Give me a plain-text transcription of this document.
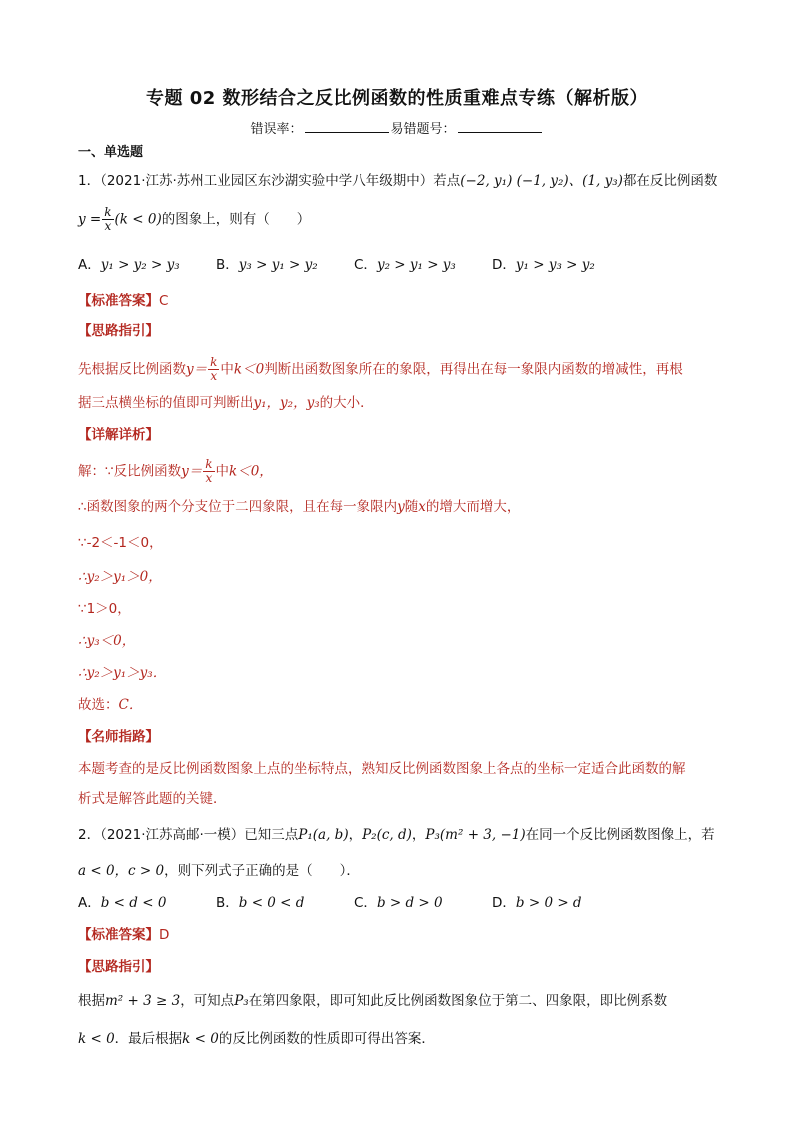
专题 02 数形结合之反比例函数的性质重难点专练（解析版）
错误率：	易错题号：
一、单选题
1．（2021·江苏·苏州工业园区东沙湖实验中学八年级期中）若点(−2, y₁) (−1, y₂)、(1, y₃)都在反比例函数
$y = \frac{k}{x} (k < 0)$的图象上，则有（　　）
A．y₁ > y₂ > y₃	B．y₃ > y₁ > y₂	C．y₂ > y₁ > y₃	D．y₁ > y₃ > y₂
【标准答案】C
【思路指引】
先根据反比例函数$y= \frac{k}{x}$ 中k＜0判断出函数图象所在的象限，再得出在每一象限内函数的增减性，再根
据三点横坐标的值即可判断出y₁，y₂，y₃的大小．
【详解详析】
解：∵反比例函数$y= \frac{k}{x}$ 中k＜0，
∴函数图象的两个分支位于二四象限，且在每一象限内y随x的增大而增大，
∵-2＜-1＜0，
∴y₂＞y₁＞0，
∵1＞0，
∴y₃＜0，
∴y₂＞y₁＞y₃．
故选：C．
【名师指路】
本题考查的是反比例函数图象上点的坐标特点，熟知反比例函数图象上各点的坐标一定适合此函数的解
析式是解答此题的关键．
2．（2021·江苏高邮·一模）已知三点P₁(a, b)，P₂(c, d)，P₃(m² + 3, −1)在同一个反比例函数图像上，若
a < 0，c > 0，则下列式子正确的是（　　）．
A．b < d < 0	B．b < 0 < d	C．b > d > 0	D．b > 0 > d
【标准答案】D
【思路指引】
根据m² + 3 ≥ 3，可知点P₃在第四象限，即可知此反比例函数图象位于第二、四象限，即比例系数
k < 0．最后根据k < 0的反比例函数的性质即可得出答案．
